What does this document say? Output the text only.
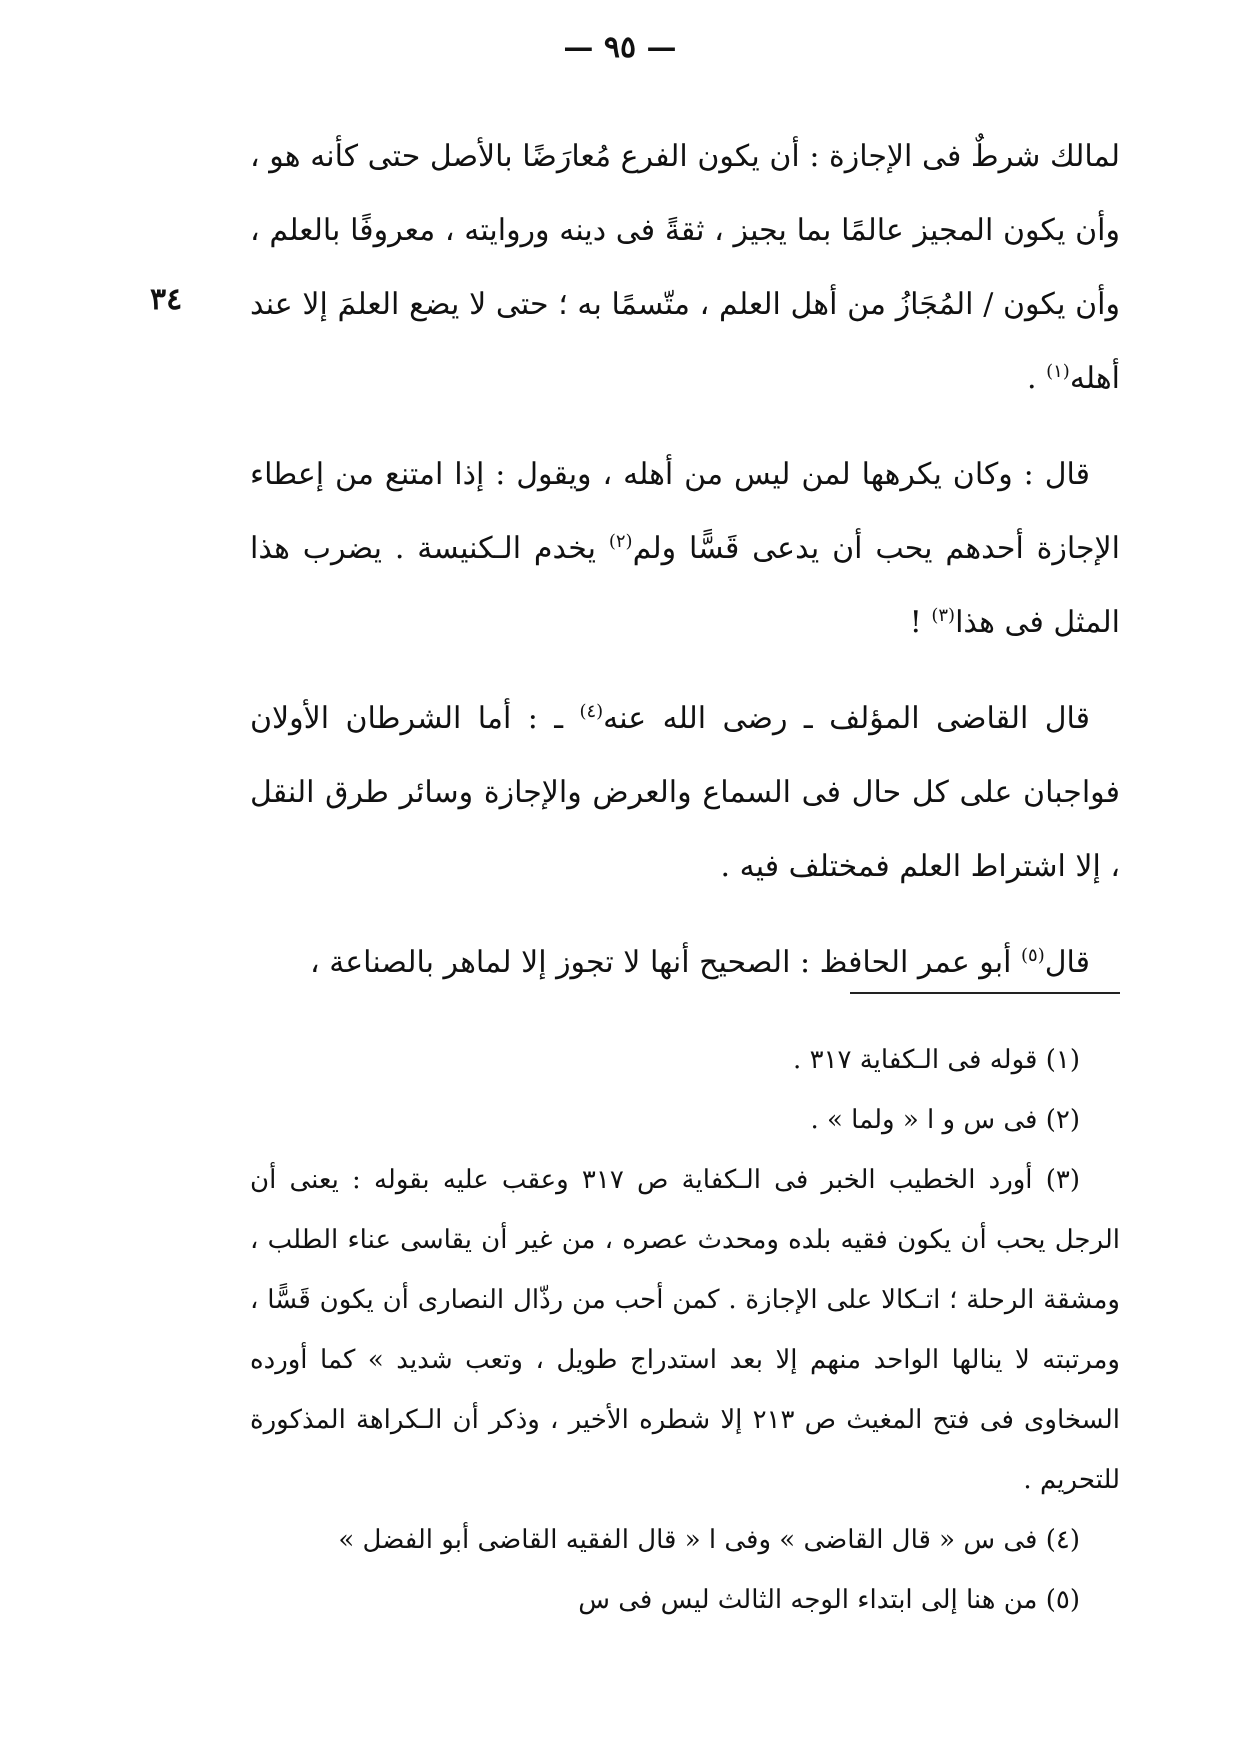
— ٩٥ —
٣٤

لمالك شرطٌ فى الإجازة : أن يكون الفرع مُعارَضًا بالأصل حتى كأنه هو ، وأن يكون المجيز عالمًا بما يجيز ، ثقةً فى دينه وروايته ، معروفًا بالعلم ، وأن يكون / المُجَازُ من أهل العلم ، متّسمًا به ؛ حتى لا يضع العلمَ إلا عند أهله$^{(١)}$ .

قال : وكان يكرهها لمن ليس من أهله ، ويقول : إذا امتنع من إعطاء الإجازة أحدهم يحب أن يدعى قَسًّا ولم$^{(٢)}$ يخدم الـكنيسة . يضرب هذا المثل فى هذا$^{(٣)}$ !

قال القاضى المؤلف ـ رضى الله عنه$^{(٤)}$ ـ : أما الشرطان الأولان فواجبان على كل حال فى السماع والعرض والإجازة وسائر طرق النقل ، إلا اشتراط العلم فمختلف فيه .

قال$^{(٥)}$ أبو عمر الحافظ : الصحيح أنها لا تجوز إلا لماهر بالصناعة ،

(١) قوله فى الـكفاية ٣١٧ .

(٢) فى س و ا « ولما » .

(٣) أورد الخطيب الخبر فى الـكفاية ص ٣١٧ وعقب عليه بقوله : يعنى أن الرجل يحب أن يكون فقيه بلده ومحدث عصره ، من غير أن يقاسى عناء الطلب ، ومشقة الرحلة ؛ اتـكالا على الإجازة . كمن أحب من رذّال النصارى أن يكون قَسًّا ، ومرتبته لا ينالها الواحد منهم إلا بعد استدراج طويل ، وتعب شديد » كما أورده السخاوى فى فتح المغيث ص ٢١٣ إلا شطره الأخير ، وذكر أن الـكراهة المذكورة للتحريم .

(٤) فى س « قال القاضى » وفى ا « قال الفقيه القاضى أبو الفضل »

(٥) من هنا إلى ابتداء الوجه الثالث ليس فى س
